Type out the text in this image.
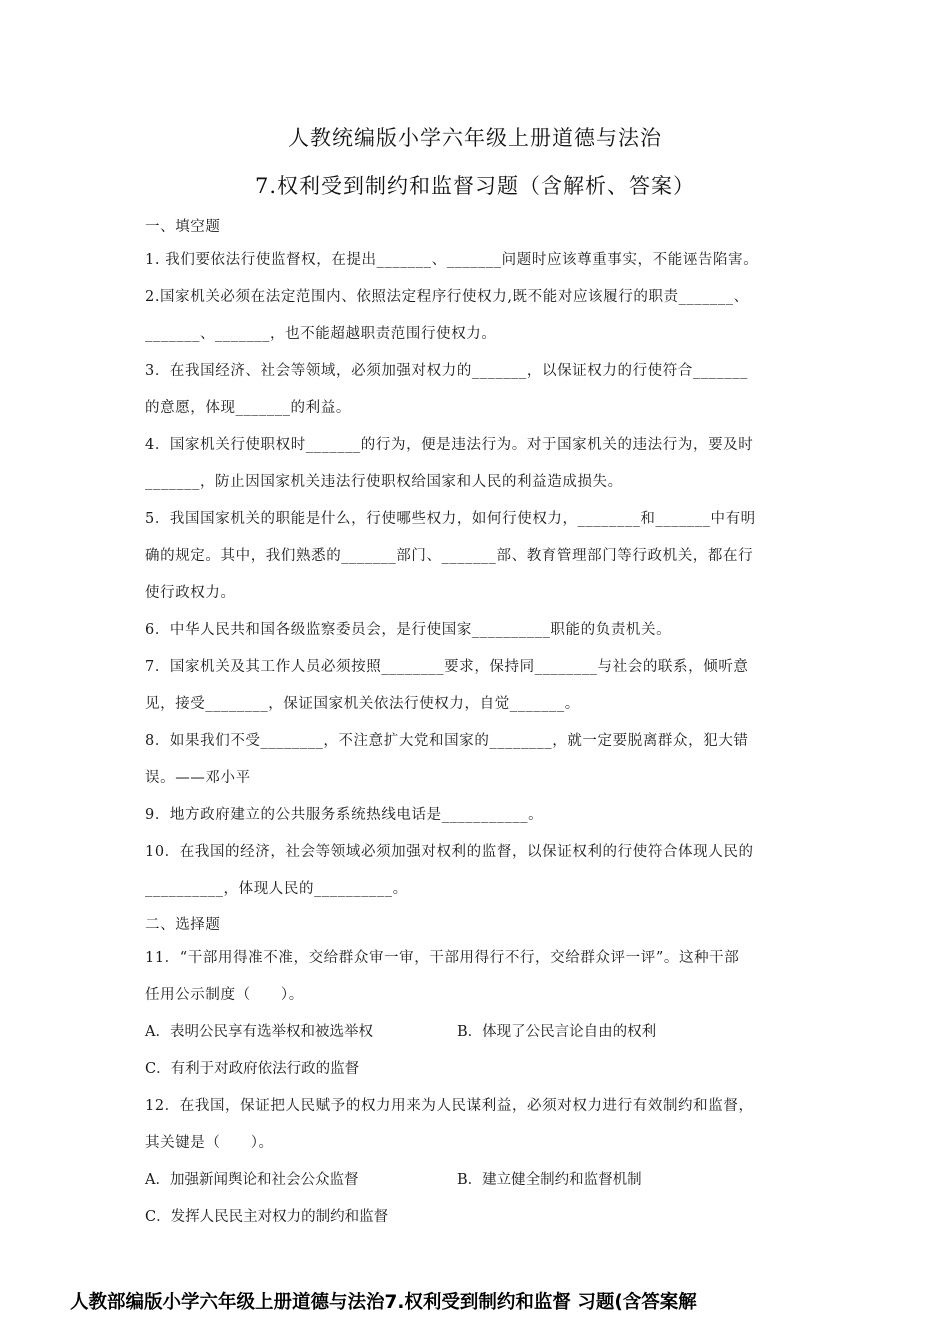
人教统编版小学六年级上册道德与法治
7.权利受到制约和监督习题（含解析、答案）
一、填空题
1. 我们要依法行使监督权，在提出_______、_______问题时应该尊重事实，不能诬告陷害。
2.国家机关必须在法定范围内、依照法定程序行使权力,既不能对应该履行的职责_______、
_______、_______，也不能超越职责范围行使权力。
3．在我国经济、社会等领域，必须加强对权力的_______，以保证权力的行使符合_______
的意愿，体现_______的利益。
4．国家机关行使职权时_______的行为，便是违法行为。对于国家机关的违法行为，要及时
_______，防止因国家机关违法行使职权给国家和人民的利益造成损失。
5．我国国家机关的职能是什么，行使哪些权力，如何行使权力，________和_______中有明
确的规定。其中，我们熟悉的_______部门、_______部、教育管理部门等行政机关，都在行
使行政权力。
6．中华人民共和国各级监察委员会，是行使国家__________职能的负责机关。
7．国家机关及其工作人员必须按照________要求，保持同________与社会的联系，倾听意
见，接受________，保证国家机关依法行使权力，自觉_______。
8．如果我们不受________，不注意扩大党和国家的________，就一定要脱离群众，犯大错
误。——邓小平
9．地方政府建立的公共服务系统热线电话是___________。
10．在我国的经济，社会等领域必须加强对权利的监督，以保证权利的行使符合体现人民的
__________，体现人民的__________。
二、选择题
11．“干部用得准不准，交给群众审一审，干部用得行不行，交给群众评一评”。这种干部
任用公示制度（　　）。
A．表明公民享有选举权和被选举权	B．体现了公民言论自由的权利
C．有利于对政府依法行政的监督
12．在我国，保证把人民赋予的权力用来为人民谋利益，必须对权力进行有效制约和监督，
其关键是（　　）。
A．加强新闻舆论和社会公众监督	B．建立健全制约和监督机制
C．发挥人民民主对权力的制约和监督
人教部编版小学六年级上册道德与法治7.权利受到制约和监督 习题(含答案解
